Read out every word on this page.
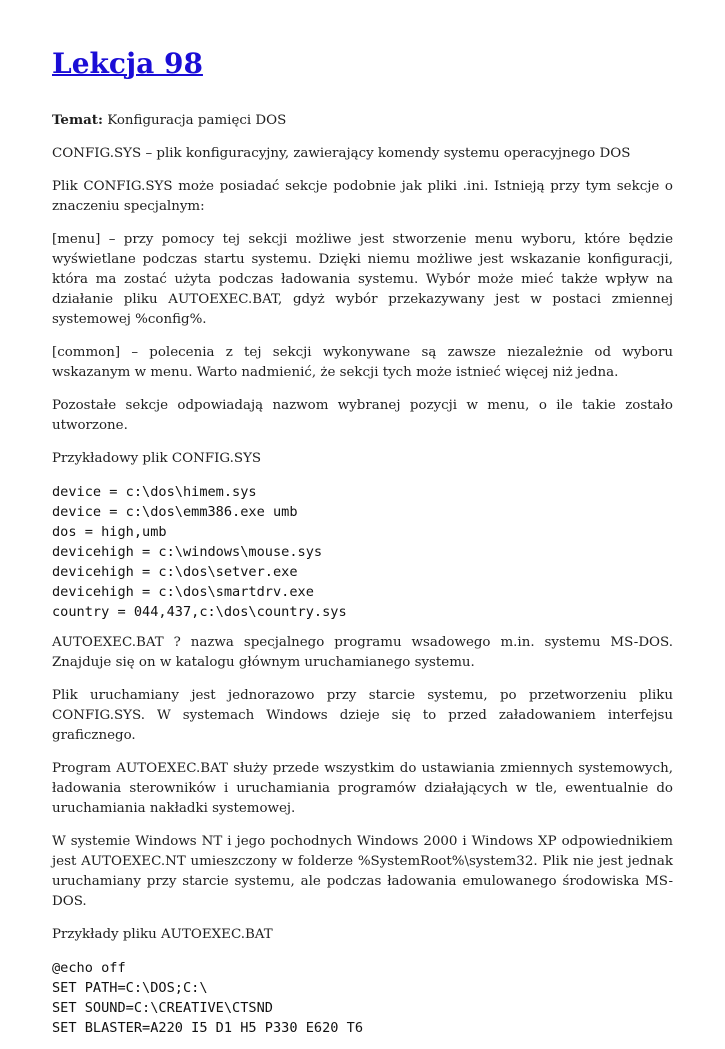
Lekcja 98

Temat: Konfiguracja pamięci DOS

CONFIG.SYS – plik konfiguracyjny, zawierający komendy systemu operacyjnego DOS

Plik CONFIG.SYS może posiadać sekcje podobnie jak pliki .ini. Istnieją przy tym sekcje o znaczeniu specjalnym:

[menu] – przy pomocy tej sekcji możliwe jest stworzenie menu wyboru, które będzie wyświetlane podczas startu systemu. Dzięki niemu możliwe jest wskazanie konfiguracji, która ma zostać użyta podczas ładowania systemu. Wybór może mieć także wpływ na działanie pliku AUTOEXEC.BAT, gdyż wybór przekazywany jest w postaci zmiennej systemowej %config%.

[common] – polecenia z tej sekcji wykonywane są zawsze niezależnie od wyboru wskazanym w menu. Warto nadmienić, że sekcji tych może istnieć więcej niż jedna.

Pozostałe sekcje odpowiadają nazwom wybranej pozycji w menu, o ile takie zostało utworzone.

Przykładowy plik CONFIG.SYS

device = c:\dos\himem.sys
device = c:\dos\emm386.exe umb
dos = high,umb
devicehigh = c:\windows\mouse.sys
devicehigh = c:\dos\setver.exe
devicehigh = c:\dos\smartdrv.exe
country = 044,437,c:\dos\country.sys

AUTOEXEC.BAT ? nazwa specjalnego programu wsadowego m.in. systemu MS-DOS. Znajduje się on w katalogu głównym uruchamianego systemu.

Plik uruchamiany jest jednorazowo przy starcie systemu, po przetworzeniu pliku CONFIG.SYS. W systemach Windows dzieje się to przed załadowaniem interfejsu graficznego.

Program AUTOEXEC.BAT służy przede wszystkim do ustawiania zmiennych systemowych, ładowania sterowników i uruchamiania programów działających w tle, ewentualnie do uruchamiania nakładki systemowej.

W systemie Windows NT i jego pochodnych Windows 2000 i Windows XP odpowiednikiem jest AUTOEXEC.NT umieszczony w folderze %SystemRoot%\system32. Plik nie jest jednak uruchamiany przy starcie systemu, ale podczas ładowania emulowanego środowiska MS-DOS.

Przykłady pliku AUTOEXEC.BAT

@echo off
SET PATH=C:\DOS;C:\
SET SOUND=C:\CREATIVE\CTSND
SET BLASTER=A220 I5 D1 H5 P330 E620 T6
